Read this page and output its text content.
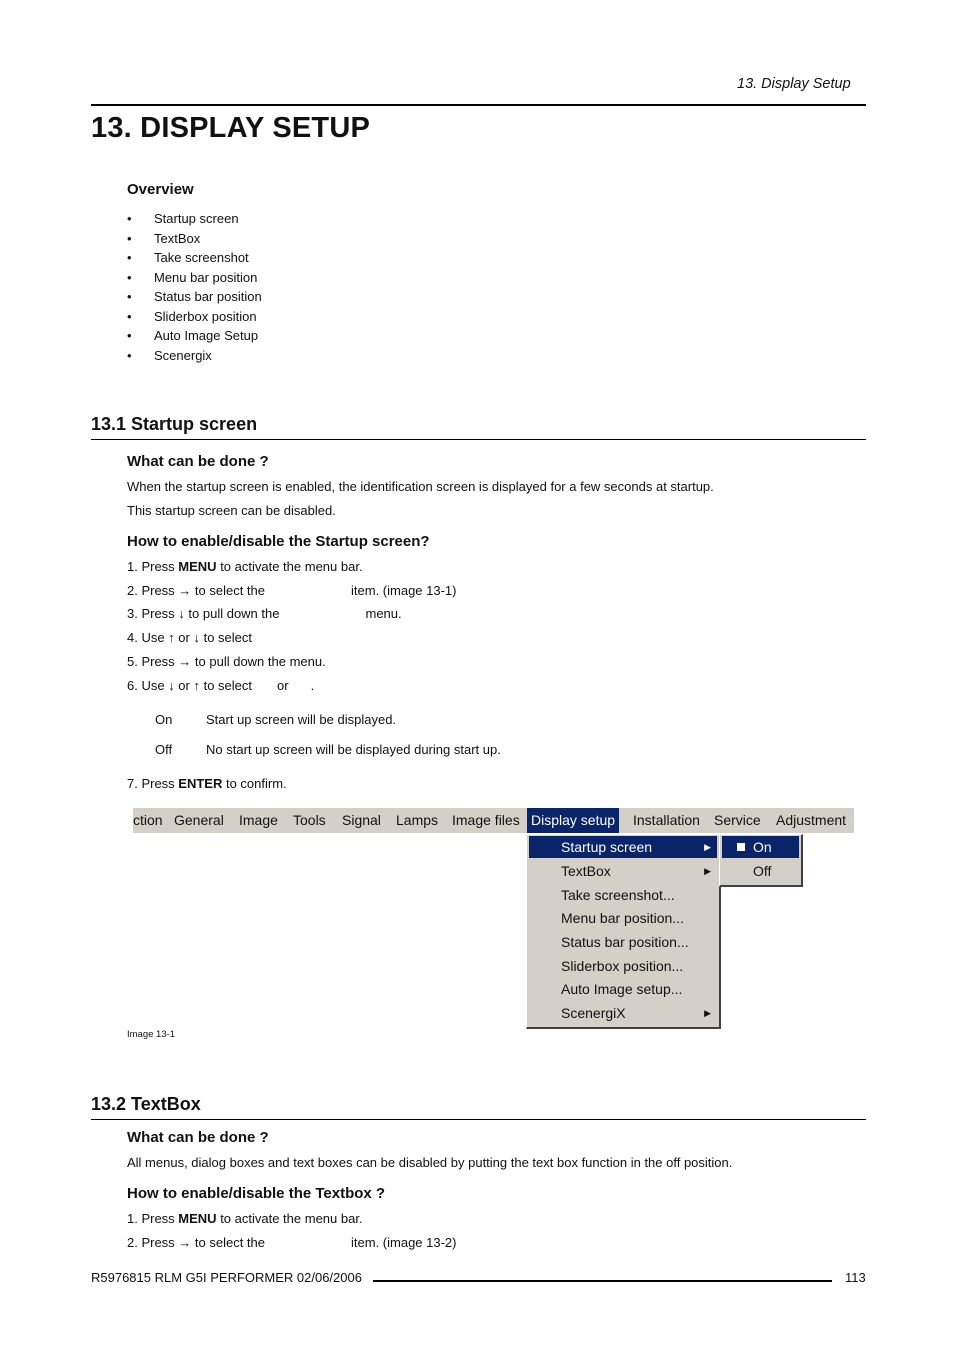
13. Display Setup
13. DISPLAY SETUP
Overview
• Startup screen
• TextBox
• Take screenshot
• Menu bar position
• Status bar position
• Sliderbox position
• Auto Image Setup
• Scenergix
13.1 Startup screen
What can be done ?
When the startup screen is enabled, the identification screen is displayed for a few seconds at startup.
This startup screen can be disabled.
How to enable/disable the Startup screen?
1. Press MENU to activate the menu bar.
2. Press → to select the	item. (image 13-1)
3. Press ↓ to pull down the	menu.
4. Use ↑ or ↓ to select
5. Press → to pull down the menu.
6. Use ↓ or ↑ to select or .
On	Start up screen will be displayed.
Off	No start up screen will be displayed during start up.
7. Press ENTER to confirm.
ction General Image Tools Signal Lamps Image files Display setup Installation Service Adjustment
Startup screen	▶
TextBox	▶
Take screenshot...
Menu bar position...
Status bar position...
Sliderbox position...
Auto Image setup...
ScenergiX	▶
On
Off
Image 13-1
13.2 TextBox
What can be done ?
All menus, dialog boxes and text boxes can be disabled by putting the text box function in the off position.
How to enable/disable the Textbox ?
1. Press MENU to activate the menu bar.
2. Press → to select the	item. (image 13-2)
R5976815 RLM G5I PERFORMER 02/06/2006	113
